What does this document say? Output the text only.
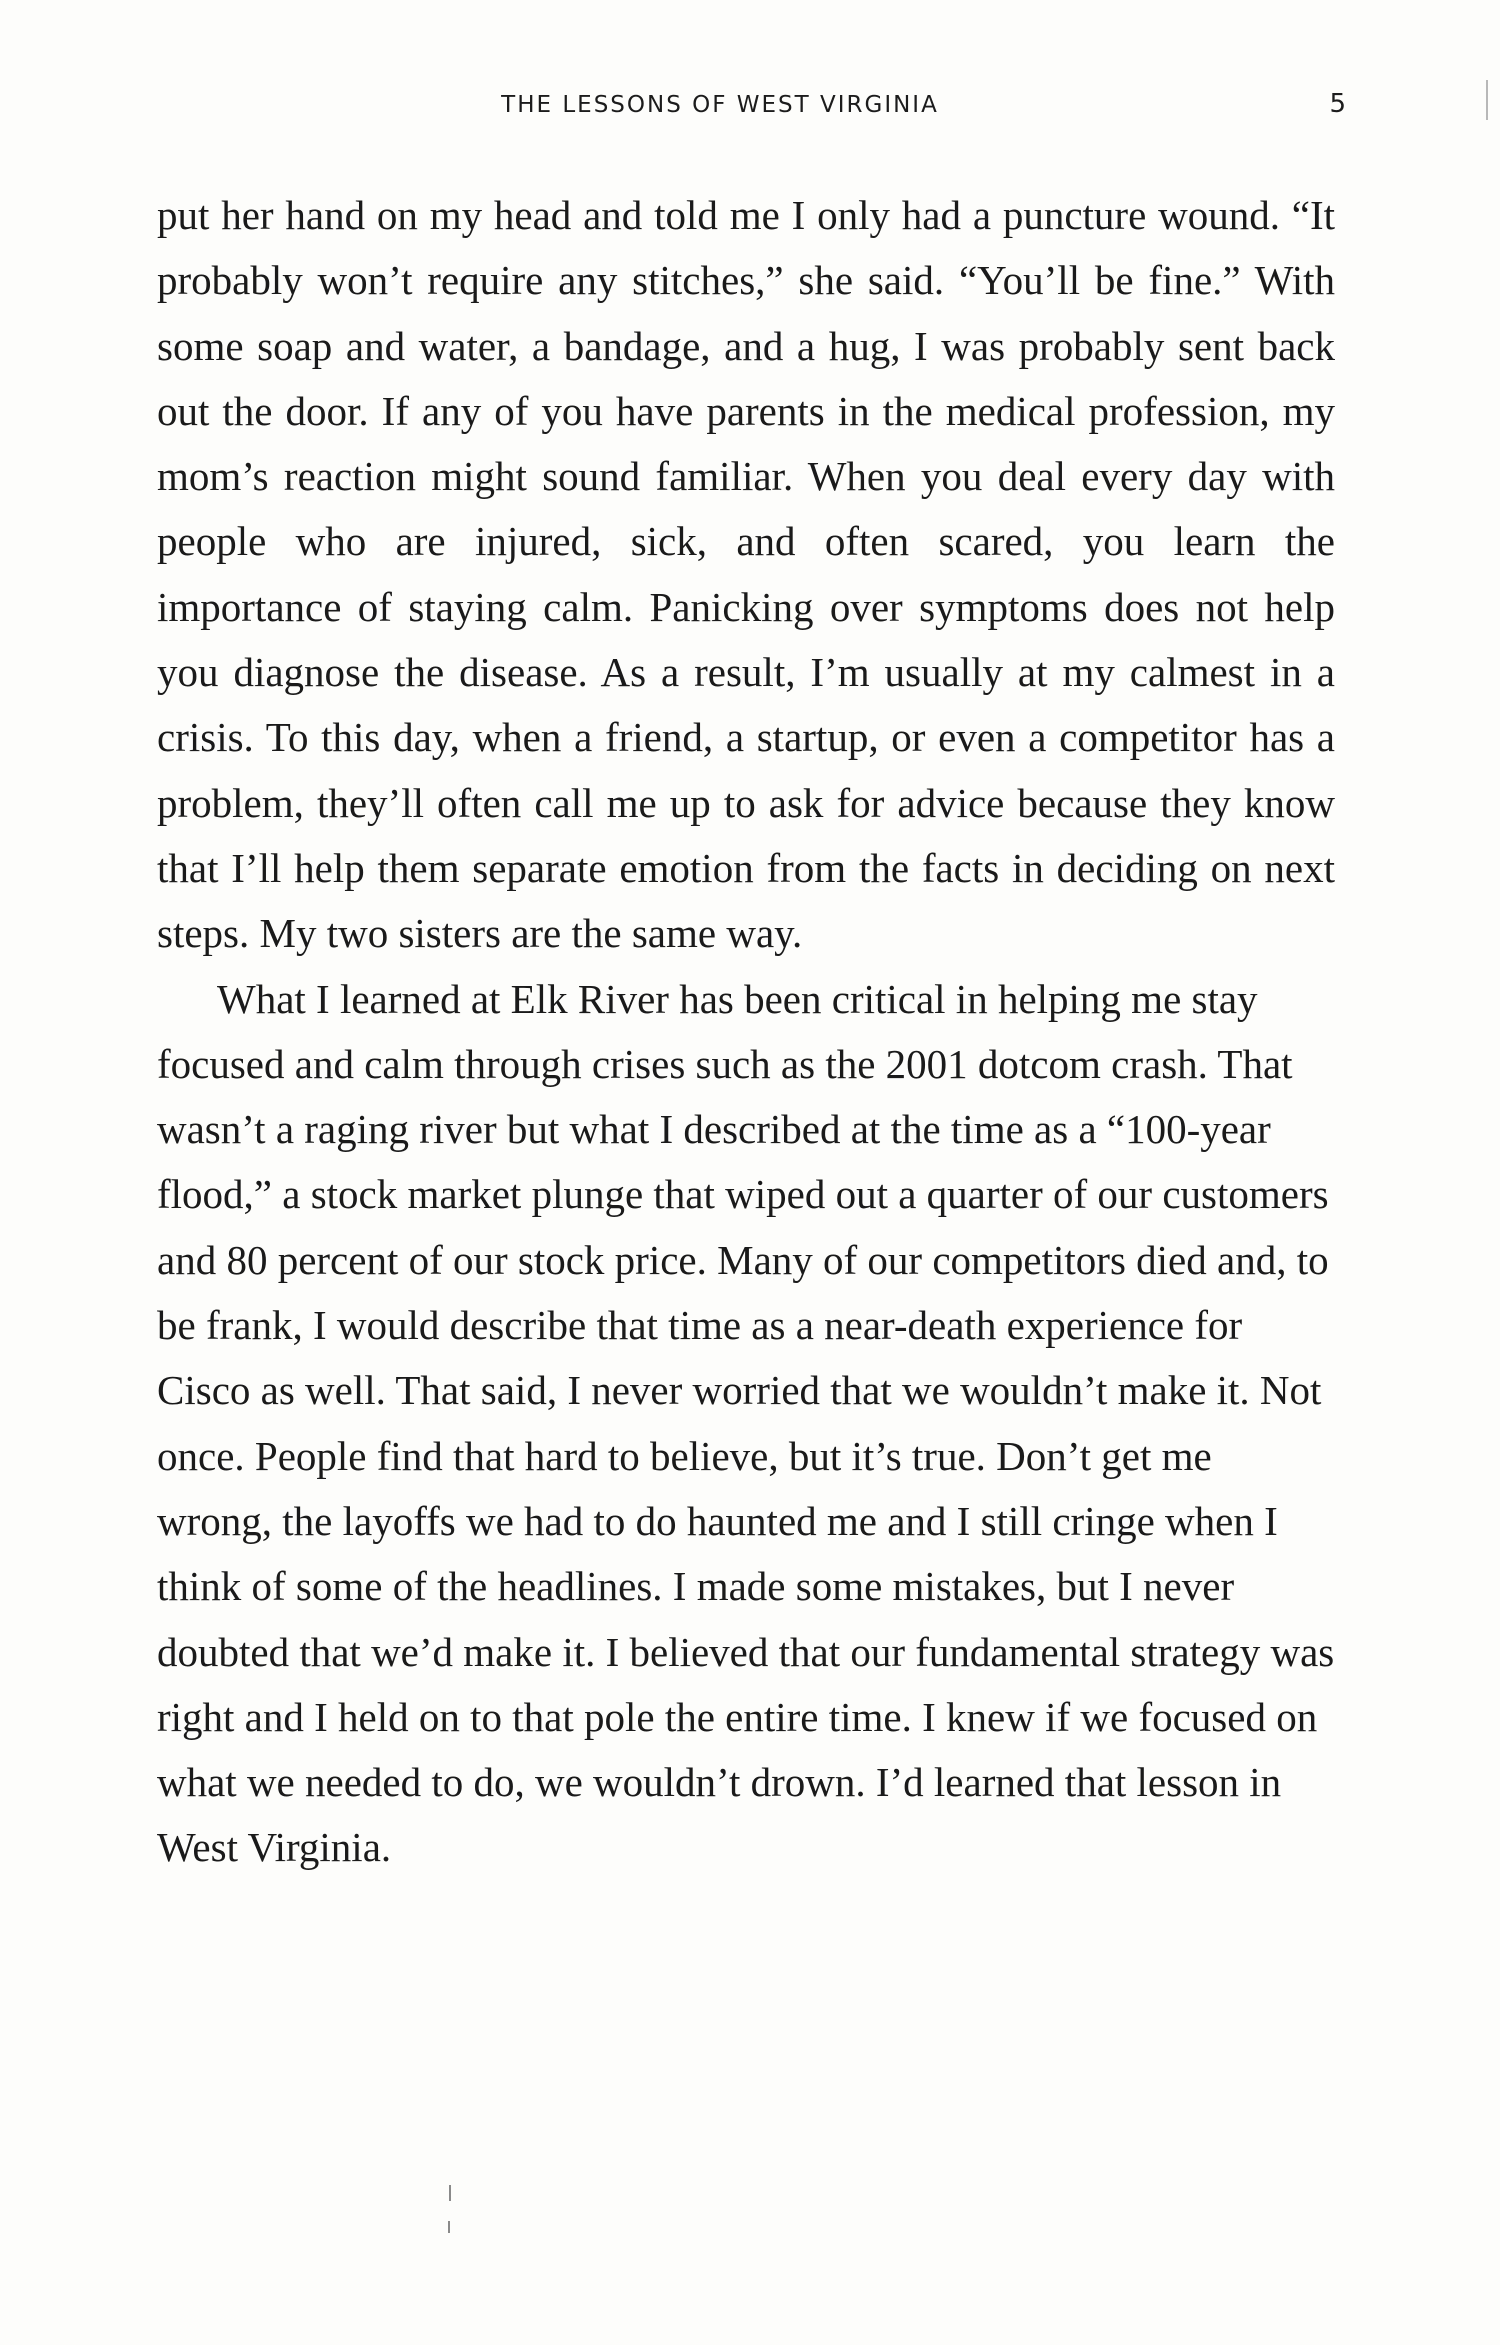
THE LESSONS OF WEST VIRGINIA	5

put her hand on my head and told me I only had a puncture wound. “It probably won’t require any stitches,” she said. “You’ll be fine.” With some soap and water, a bandage, and a hug, I was probably sent back out the door. If any of you have parents in the medical profession, my mom’s reaction might sound familiar. When you deal every day with people who are injured, sick, and often scared, you learn the importance of staying calm. Panicking over symptoms does not help you diagnose the disease. As a result, I’m usually at my calmest in a crisis. To this day, when a friend, a startup, or even a competitor has a problem, they’ll often call me up to ask for advice because they know that I’ll help them separate emotion from the facts in deciding on next steps. My two sisters are the same way.

What I learned at Elk River has been critical in helping me stay focused and calm through crises such as the 2001 dotcom crash. That wasn’t a raging river but what I described at the time as a “100-year flood,” a stock market plunge that wiped out a quarter of our customers and 80 percent of our stock price. Many of our competitors died and, to be frank, I would describe that time as a near-death experience for Cisco as well. That said, I never worried that we wouldn’t make it. Not once. People find that hard to believe, but it’s true. Don’t get me wrong, the layoffs we had to do haunted me and I still cringe when I think of some of the headlines. I made some mistakes, but I never doubted that we’d make it. I believed that our fundamental strategy was right and I held on to that pole the entire time. I knew if we focused on what we needed to do, we wouldn’t drown. I’d learned that lesson in West Virginia.
